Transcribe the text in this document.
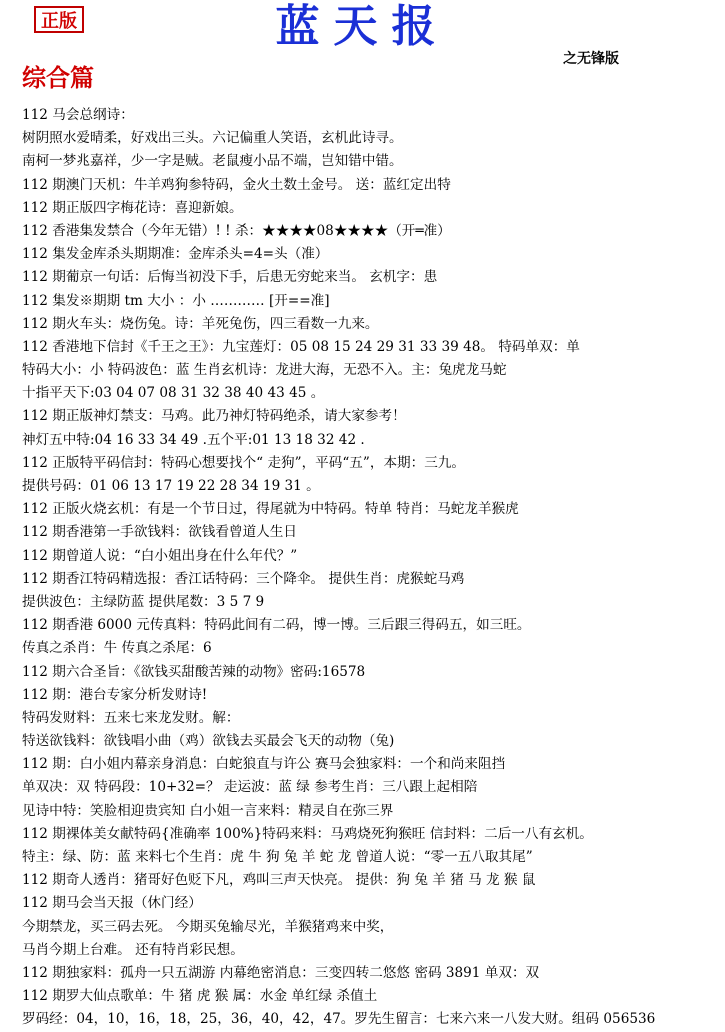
正版	蓝天报
之无锋版
综合篇
112 马会总纲诗：
树阴照水爱晴柔，好戏出三头。六记偏重人笑语，玄机此诗寻。
南柯一梦兆嘉祥，少一字是贼。老鼠瘦小品不端，岂知错中错。
112 期澳门天机：牛羊鸡狗参特码，金火土数土金号。 送：蓝红定出特
112 期正版四字梅花诗：喜迎新娘。
112 香港集发禁合（今年无错）! ! 杀：★★★★08★★★★（开═准）
112 集发金库杀头期期准：金库杀头=4=头（准）
112 期葡京一句话：后悔当初没下手，后患无穷蛇来当。 玄机字：患
112 集发※期期 tm 大小 ：小 ………… [开==准]
112 期火车头：烧伤兔。诗：羊死兔伤，四三看数一九来。
112 香港地下信封《千王之王》：九宝莲灯：05 08 15 24 29 31 33 39 48。 特码单双：单
特码大小：小 特码波色：蓝 生肖玄机诗：龙进大海，无恐不入。主：兔虎龙马蛇
十指平天下:03 04 07 08 31 32 38 40 43 45 。
112 期正版神灯禁支：马鸡。此乃神灯特码绝杀，请大家参考！
神灯五中特:04 16 33 34 49 .五个平:01 13 18 32 42 .
112 正版特平码信封：特码心想要找个“ 走狗”，平码“五”，本期：三九。
提供号码：01 06 13 17 19 22 28 34 19 31 。
112 正版火烧玄机：有是一个节日过，得尾就为中特码。特单 特肖：马蛇龙羊猴虎
112 期香港第一手欲钱料：欲钱看曾道人生日
112 期曾道人说：“白小姐出身在什么年代？”
112 期香江特码精选报：香江话特码：三个降伞。 提供生肖：虎猴蛇马鸡
提供波色：主绿防蓝 提供尾数：3 5 7 9
112 期香港 6000 元传真料：特码此间有二码，博一博。三后跟三得码五，如三旺。
传真之杀肖：牛 传真之杀尾：6
112 期六合圣旨：《欲钱买甜酸苦辣的动物》密码:16578
112 期：港台专家分析发财诗!
特码发财料：五来七来龙发财。解：
特送欲钱料：欲钱唱小曲（鸡）欲钱去买最会飞天的动物（兔)
112 期：白小姐内幕亲身消息：白蛇狼直与许公 赛马会独家料：一个和尚来阻挡
单双决：双 特码段：10+32=？ 走运波：蓝 绿 参考生肖：三八跟上起相陪
见诗中特：笑脸相迎贵宾知 白小姐一言来料：精灵自在弥三界
112 期裸体美女献特码{准确率 100%}特码来料：马鸡烧死狗猴旺 信封料：二后一八有玄机。
特主：绿、防：蓝 来料七个生肖：虎 牛 狗 兔 羊 蛇 龙 曾道人说：“零一五八取其尾”
112 期奇人透肖：猪哥好色贬下凡，鸡叫三声天快亮。 提供：狗 兔 羊 猪 马 龙 猴 鼠
112 期马会当天报（休门经）
今期禁龙，买三码去死。 今期买兔输尽光，羊猴猪鸡来中奖，
马肖今期上台难。 还有特肖彩民想。
112 期独家料：孤舟一只五湖游 内幕绝密消息：三变四转二悠悠 密码 3891 单双：双
112 期罗大仙点歌单：牛 猪 虎 猴 属：水金 单红绿 杀值土
罗码经：04，10，16，18，25，36，40，42，47。罗先生留言：七来六来一八发大财。组码 056536
